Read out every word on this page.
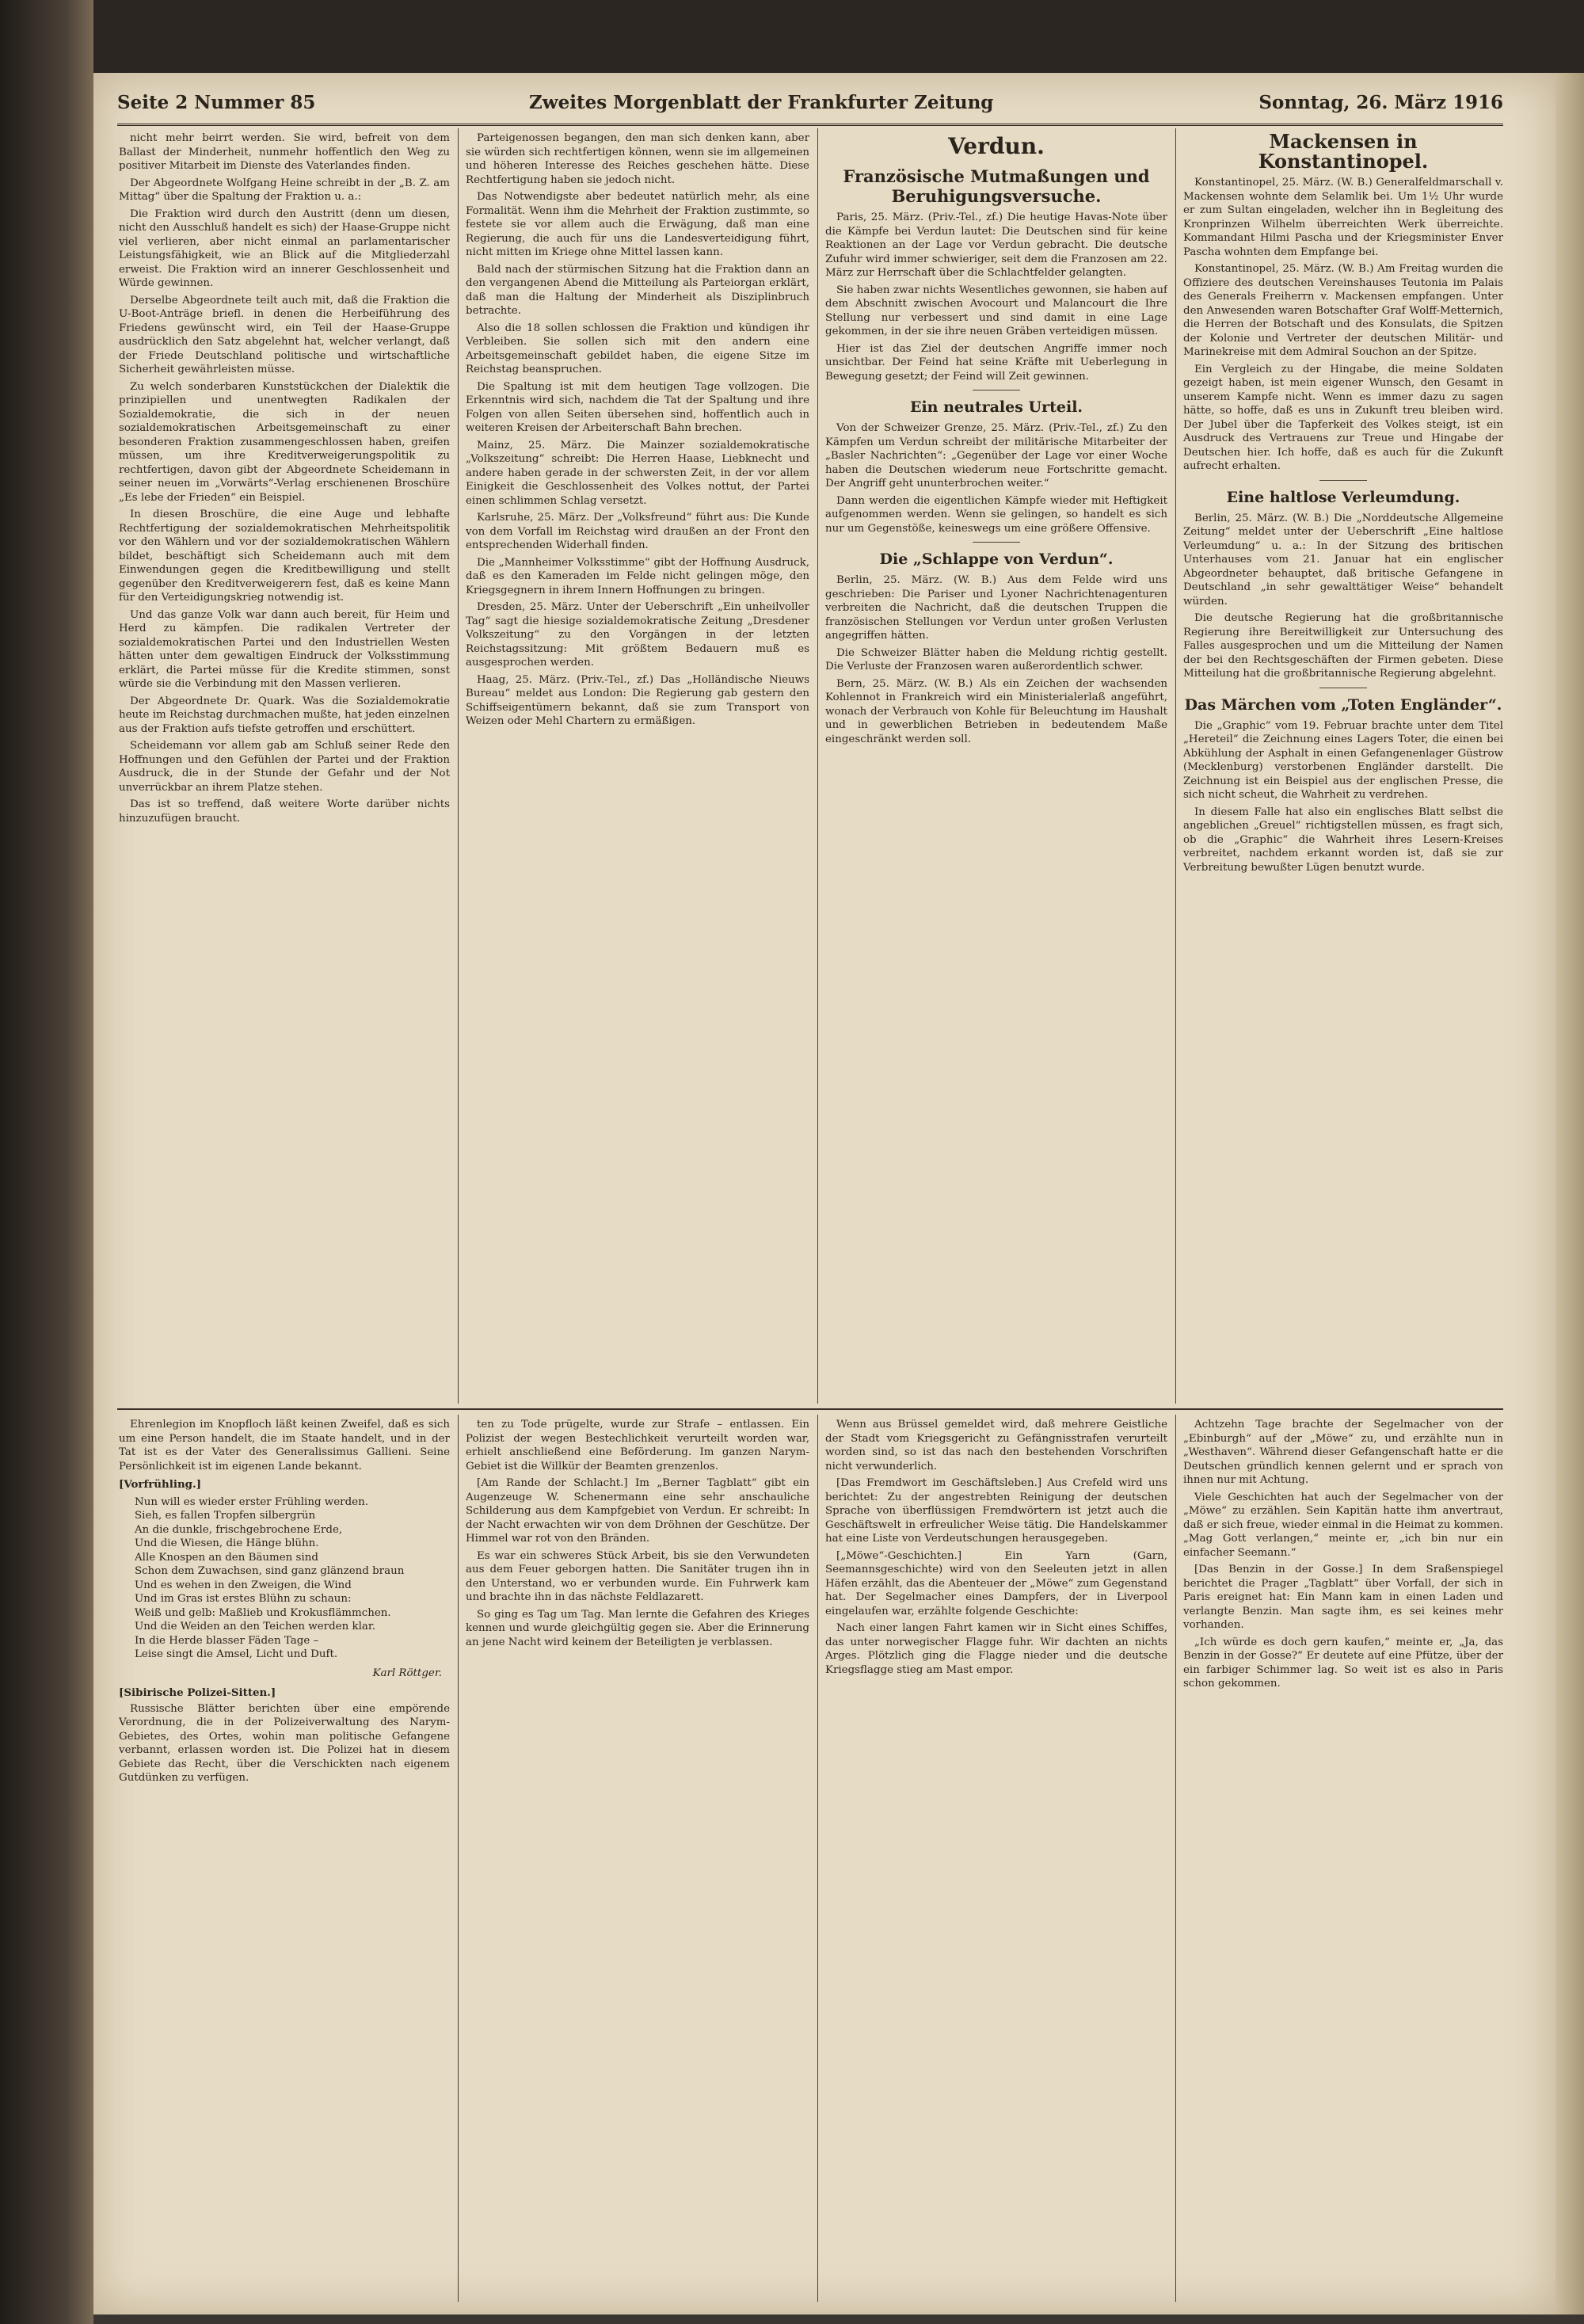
Seite 2 Nummer 85	Zweites Morgenblatt der Frankfurter Zeitung	Sonntag, 26. März 1916

nicht mehr beirrt werden. Sie wird, befreit von dem Ballast der Minderheit, nunmehr hoffentlich den Weg zu positiver Mitarbeit im Dienste des Vaterlandes finden.

Der Abgeordnete Wolfgang Heine schreibt in der „B. Z. am Mittag“ über die Spaltung der Fraktion u. a.:

Die Fraktion wird durch den Austritt (denn um diesen, nicht den Ausschluß handelt es sich) der Haase-Gruppe nicht viel verlieren, aber nicht einmal an parlamentarischer Leistungsfähigkeit, wie an Blick auf die Mitgliederzahl erweist. Die Fraktion wird an innerer Geschlossenheit und Würde gewinnen.

Derselbe Abgeordnete teilt auch mit, daß die Fraktion die U-Boot-Anträge briefl. in denen die Herbeiführung des Friedens gewünscht wird, ein Teil der Haase-Gruppe ausdrücklich den Satz abgelehnt hat, welcher verlangt, daß der Friede Deutschland politische und wirtschaftliche Sicherheit gewährleisten müsse.

Zu welch sonderbaren Kunststückchen der Dialektik die prinzipiellen und unentwegten Radikalen der Sozialdemokratie, die sich in der neuen sozialdemokratischen Arbeitsgemeinschaft zu einer besonderen Fraktion zusammengeschlossen haben, greifen müssen, um ihre Kreditverweigerungspolitik zu rechtfertigen, davon gibt der Abgeordnete Scheidemann in seiner neuen im „Vorwärts“-Verlag erschienenen Broschüre „Es lebe der Frieden“ ein Beispiel.

In diesen Broschüre, die eine Auge und lebhafte Rechtfertigung der sozialdemokratischen Mehrheitspolitik vor den Wählern und vor der sozialdemokratischen Wählern bildet, beschäftigt sich Scheidemann auch mit dem Einwendungen gegen die Kreditbewilligung und stellt gegenüber den Kreditverweigerern fest, daß es keine Mann für den Verteidigungskrieg notwendig ist.

Und das ganze Volk war dann auch bereit, für Heim und Herd zu kämpfen. Die radikalen Vertreter der sozialdemokratischen Partei und den Industriellen Westen hätten unter dem gewaltigen Eindruck der Volksstimmung erklärt, die Partei müsse für die Kredite stimmen, sonst würde sie die Verbindung mit den Massen verlieren.

Der Abgeordnete Dr. Quark. Was die Sozialdemokratie heute im Reichstag durchmachen mußte, hat jeden einzelnen aus der Fraktion aufs tiefste getroffen und erschüttert.

Scheidemann vor allem gab am Schluß seiner Rede den Hoffnungen und den Gefühlen der Partei und der Fraktion Ausdruck, die in der Stunde der Gefahr und der Not unverrückbar an ihrem Platze stehen.

Das ist so treffend, daß weitere Worte darüber nichts hinzuzufügen braucht.

Parteigenossen begangen, den man sich denken kann, aber sie würden sich rechtfertigen können, wenn sie im allgemeinen und höheren Interesse des Reiches geschehen hätte. Diese Rechtfertigung haben sie jedoch nicht.

Das Notwendigste aber bedeutet natürlich mehr, als eine Formalität. Wenn ihm die Mehrheit der Fraktion zustimmte, so festete sie vor allem auch die Erwägung, daß man eine Regierung, die auch für uns die Landesverteidigung führt, nicht mitten im Kriege ohne Mittel lassen kann.

Bald nach der stürmischen Sitzung hat die Fraktion dann an den vergangenen Abend die Mitteilung als Parteiorgan erklärt, daß man die Haltung der Minderheit als Disziplinbruch betrachte.

Also die 18 sollen schlossen die Fraktion und kündigen ihr Verbleiben. Sie sollen sich mit den andern eine Arbeitsgemeinschaft gebildet haben, die eigene Sitze im Reichstag beanspruchen.

Die Spaltung ist mit dem heutigen Tage vollzogen. Die Erkenntnis wird sich, nachdem die Tat der Spaltung und ihre Folgen von allen Seiten übersehen sind, hoffentlich auch in weiteren Kreisen der Arbeiterschaft Bahn brechen.

Mainz, 25. März. Die Mainzer sozialdemokratische „Volkszeitung“ schreibt: Die Herren Haase, Liebknecht und andere haben gerade in der schwersten Zeit, in der vor allem Einigkeit die Geschlossenheit des Volkes nottut, der Partei einen schlimmen Schlag versetzt.

Karlsruhe, 25. März. Der „Volksfreund“ führt aus: Die Kunde von dem Vorfall im Reichstag wird draußen an der Front den entsprechenden Widerhall finden.

Die „Mannheimer Volksstimme“ gibt der Hoffnung Ausdruck, daß es den Kameraden im Felde nicht gelingen möge, den Kriegsgegnern in ihrem Innern Hoffnungen zu bringen.

Dresden, 25. März. Unter der Ueberschrift „Ein unheilvoller Tag“ sagt die hiesige sozialdemokratische Zeitung „Dresdener Volkszeitung“ zu den Vorgängen in der letzten Reichstagssitzung: Mit größtem Bedauern muß es ausgesprochen werden.

Haag, 25. März. (Priv.-Tel., zf.) Das „Holländische Nieuws Bureau“ meldet aus London: Die Regierung gab gestern den Schiffseigentümern bekannt, daß sie zum Transport von Weizen oder Mehl Chartern zu ermäßigen.

Verdun.
Französische Mutmaßungen und Beruhigungsversuche.

Paris, 25. März. (Priv.-Tel., zf.) Die heutige Havas-Note über die Kämpfe bei Verdun lautet: Die Deutschen sind für keine Reaktionen an der Lage vor Verdun gebracht. Die deutsche Zufuhr wird immer schwieriger, seit dem die Franzosen am 22. März zur Herrschaft über die Schlachtfelder gelangten.

Sie haben zwar nichts Wesentliches gewonnen, sie haben auf dem Abschnitt zwischen Avocourt und Malancourt die Ihre Stellung nur verbessert und sind damit in eine Lage gekommen, in der sie ihre neuen Gräben verteidigen müssen.

Hier ist das Ziel der deutschen Angriffe immer noch unsichtbar. Der Feind hat seine Kräfte mit Ueberlegung in Bewegung gesetzt; der Feind will Zeit gewinnen.

Ein neutrales Urteil.

Von der Schweizer Grenze, 25. März. (Priv.-Tel., zf.) Zu den Kämpfen um Verdun schreibt der militärische Mitarbeiter der „Basler Nachrichten“: „Gegenüber der Lage vor einer Woche haben die Deutschen wiederum neue Fortschritte gemacht. Der Angriff geht ununterbrochen weiter.“

Dann werden die eigentlichen Kämpfe wieder mit Heftigkeit aufgenommen werden. Wenn sie gelingen, so handelt es sich nur um Gegenstöße, keineswegs um eine größere Offensive.

Die „Schlappe von Verdun“.

Berlin, 25. März. (W. B.) Aus dem Felde wird uns geschrieben: Die Pariser und Lyoner Nachrichtenagenturen verbreiten die Nachricht, daß die deutschen Truppen die französischen Stellungen vor Verdun unter großen Verlusten angegriffen hätten.

Die Schweizer Blätter haben die Meldung richtig gestellt. Die Verluste der Franzosen waren außerordentlich schwer.

Bern, 25. März. (W. B.) Als ein Zeichen der wachsenden Kohlennot in Frankreich wird ein Ministerialerlaß angeführt, wonach der Verbrauch von Kohle für Beleuchtung im Haushalt und in gewerblichen Betrieben in bedeutendem Maße eingeschränkt werden soll.

Mackensen in Konstantinopel.

Konstantinopel, 25. März. (W. B.) Generalfeldmarschall v. Mackensen wohnte dem Selamlik bei. Um 1½ Uhr wurde er zum Sultan eingeladen, welcher ihn in Begleitung des Kronprinzen Wilhelm überreichten Werk überreichte. Kommandant Hilmi Pascha und der Kriegsminister Enver Pascha wohnten dem Empfange bei.

Konstantinopel, 25. März. (W. B.) Am Freitag wurden die Offiziere des deutschen Vereinshauses Teutonia im Palais des Generals Freiherrn v. Mackensen empfangen. Unter den Anwesenden waren Botschafter Graf Wolff-Metternich, die Herren der Botschaft und des Konsulats, die Spitzen der Kolonie und Vertreter der deutschen Militär- und Marinekreise mit dem Admiral Souchon an der Spitze.

Ein Vergleich zu der Hingabe, die meine Soldaten gezeigt haben, ist mein eigener Wunsch, den Gesamt in unserem Kampfe nicht. Wenn es immer dazu zu sagen hätte, so hoffe, daß es uns in Zukunft treu bleiben wird. Der Jubel über die Tapferkeit des Volkes steigt, ist ein Ausdruck des Vertrauens zur Treue und Hingabe der Deutschen hier. Ich hoffe, daß es auch für die Zukunft aufrecht erhalten.

Eine haltlose Verleumdung.

Berlin, 25. März. (W. B.) Die „Norddeutsche Allgemeine Zeitung“ meldet unter der Ueberschrift „Eine haltlose Verleumdung“ u. a.: In der Sitzung des britischen Unterhauses vom 21. Januar hat ein englischer Abgeordneter behauptet, daß britische Gefangene in Deutschland „in sehr gewalttätiger Weise“ behandelt würden.

Die deutsche Regierung hat die großbritannische Regierung ihre Bereitwilligkeit zur Untersuchung des Falles ausgesprochen und um die Mitteilung der Namen der bei den Rechtsgeschäften der Firmen gebeten. Diese Mitteilung hat die großbritannische Regierung abgelehnt.

Das Märchen vom „Toten Engländer“.

Die „Graphic“ vom 19. Februar brachte unter dem Titel „Hereteil“ die Zeichnung eines Lagers Toter, die einen bei Abkühlung der Asphalt in einen Gefangenenlager Güstrow (Mecklenburg) verstorbenen Engländer darstellt. Die Zeichnung ist ein Beispiel aus der englischen Presse, die sich nicht scheut, die Wahrheit zu verdrehen.

In diesem Falle hat also ein englisches Blatt selbst die angeblichen „Greuel“ richtigstellen müssen, es fragt sich, ob die „Graphic“ die Wahrheit ihres Lesern-Kreises verbreitet, nachdem erkannt worden ist, daß sie zur Verbreitung bewußter Lügen benutzt wurde.

Ehrenlegion im Knopfloch läßt keinen Zweifel, daß es sich um eine Person handelt, die im Staate handelt, und in der Tat ist es der Vater des Generalissimus Gallieni. Seine Persönlichkeit ist im eigenen Lande bekannt.

[Vorfrühling.]
Nun will es wieder erster Frühling werden.
Sieh, es fallen Tropfen silbergrün
An die dunkle, frischgebrochene Erde,
Und die Wiesen, die Hänge blühn.
Alle Knospen an den Bäumen sind
Schon dem Zuwachsen, sind ganz glänzend braun
Und es wehen in den Zweigen, die Wind
Und im Gras ist erstes Blühn zu schaun:
Weiß und gelb: Maßlieb und Krokusflämmchen.
Und die Weiden an den Teichen werden klar.
In die Herde blasser Fäden Tage –
Leise singt die Amsel, Licht und Duft.
Karl Röttger.
[Sibirische Polizei-Sitten.]

Russische Blätter berichten über eine empörende Verordnung, die in der Polizeiverwaltung des Narym-Gebietes, des Ortes, wohin man politische Gefangene verbannt, erlassen worden ist. Die Polizei hat in diesem Gebiete das Recht, über die Verschickten nach eigenem Gutdünken zu verfügen.

ten zu Tode prügelte, wurde zur Strafe – entlassen. Ein Polizist der wegen Bestechlichkeit verurteilt worden war, erhielt anschließend eine Beförderung. Im ganzen Narym-Gebiet ist die Willkür der Beamten grenzenlos.

[Am Rande der Schlacht.] Im „Berner Tagblatt“ gibt ein Augenzeuge W. Schenermann eine sehr anschauliche Schilderung aus dem Kampfgebiet von Verdun. Er schreibt: In der Nacht erwachten wir von dem Dröhnen der Geschütze. Der Himmel war rot von den Bränden.

Es war ein schweres Stück Arbeit, bis sie den Verwundeten aus dem Feuer geborgen hatten. Die Sanitäter trugen ihn in den Unterstand, wo er verbunden wurde. Ein Fuhrwerk kam und brachte ihn in das nächste Feldlazarett.

So ging es Tag um Tag. Man lernte die Gefahren des Krieges kennen und wurde gleichgültig gegen sie. Aber die Erinnerung an jene Nacht wird keinem der Beteiligten je verblassen.

Wenn aus Brüssel gemeldet wird, daß mehrere Geistliche der Stadt vom Kriegsgericht zu Gefängnisstrafen verurteilt worden sind, so ist das nach den bestehenden Vorschriften nicht verwunderlich.

[Das Fremdwort im Geschäftsleben.] Aus Crefeld wird uns berichtet: Zu der angestrebten Reinigung der deutschen Sprache von überflüssigen Fremdwörtern ist jetzt auch die Geschäftswelt in erfreulicher Weise tätig. Die Handelskammer hat eine Liste von Verdeutschungen herausgegeben.

[„Möwe“-Geschichten.] Ein Yarn (Garn, Seemannsgeschichte) wird von den Seeleuten jetzt in allen Häfen erzählt, das die Abenteuer der „Möwe“ zum Gegenstand hat. Der Segelmacher eines Dampfers, der in Liverpool eingelaufen war, erzählte folgende Geschichte:

Nach einer langen Fahrt kamen wir in Sicht eines Schiffes, das unter norwegischer Flagge fuhr. Wir dachten an nichts Arges. Plötzlich ging die Flagge nieder und die deutsche Kriegsflagge stieg am Mast empor.

Achtzehn Tage brachte der Segelmacher von der „Ebinburgh“ auf der „Möwe“ zu, und erzählte nun in „Westhaven“. Während dieser Gefangenschaft hatte er die Deutschen gründlich kennen gelernt und er sprach von ihnen nur mit Achtung.

Viele Geschichten hat auch der Segelmacher von der „Möwe“ zu erzählen. Sein Kapitän hatte ihm anvertraut, daß er sich freue, wieder einmal in die Heimat zu kommen. „Mag Gott verlangen,“ meinte er, „ich bin nur ein einfacher Seemann.“

[Das Benzin in der Gosse.] In dem Sraßenspiegel berichtet die Prager „Tagblatt“ über Vorfall, der sich in Paris ereignet hat: Ein Mann kam in einen Laden und verlangte Benzin. Man sagte ihm, es sei keines mehr vorhanden.

„Ich würde es doch gern kaufen,“ meinte er, „Ja, das Benzin in der Gosse?“ Er deutete auf eine Pfütze, über der ein farbiger Schimmer lag. So weit ist es also in Paris schon gekommen.
